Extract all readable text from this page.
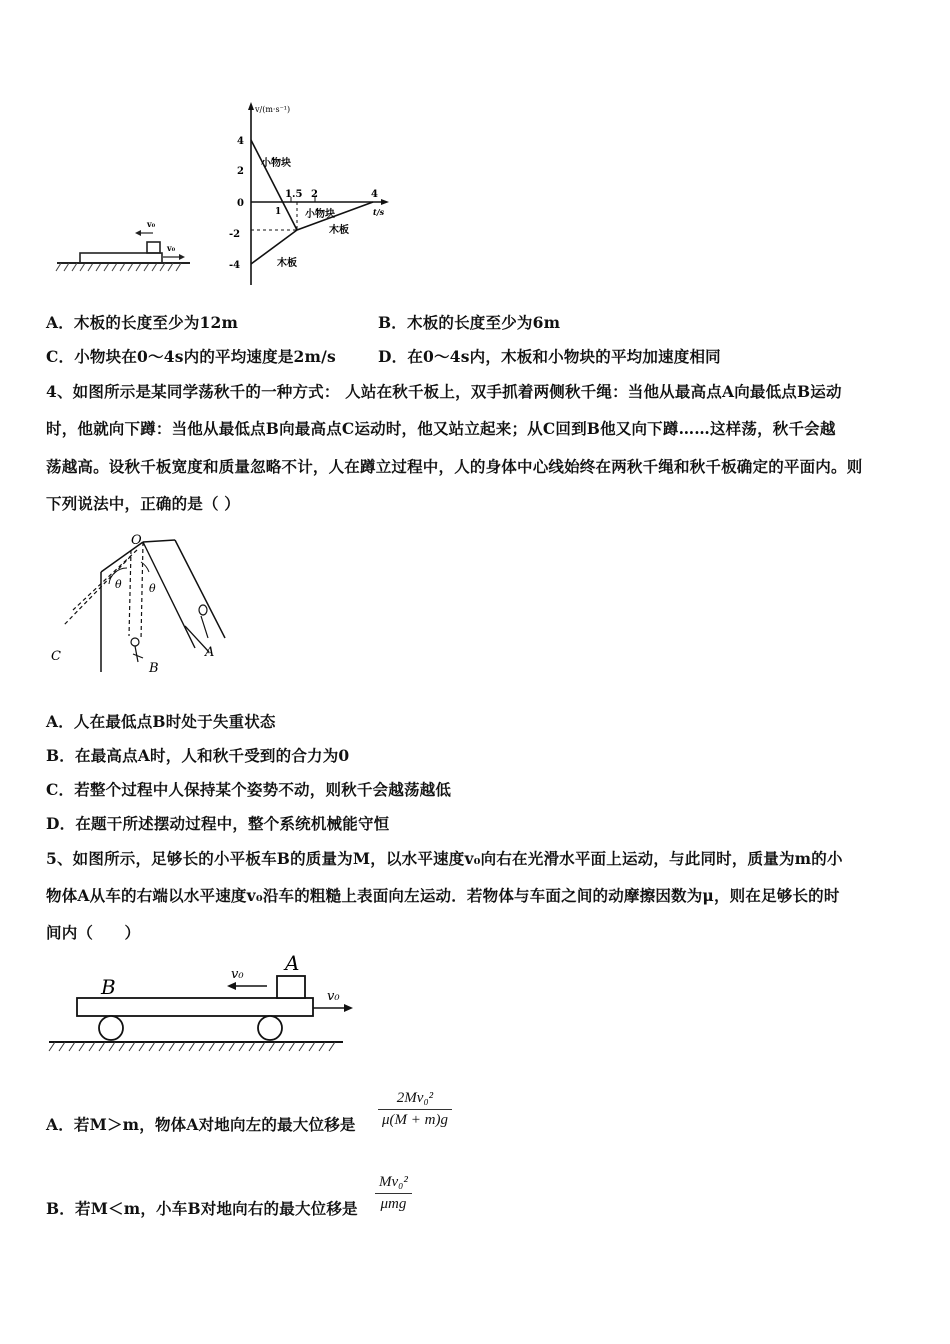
v₀
v₀
v/(m·s⁻¹)
t/s
4
2
0
-2
-4
1.5 2	4
1
小物块
小物块
木板
木板
A．木板的长度至少为12m	B．木板的长度至少为6m
C．小物块在0～4s内的平均速度是2m/s	D．在0～4s内，木板和小物块的平均加速度相同
4、如图所示是某同学荡秋千的一种方式： 人站在秋千板上，双手抓着两侧秋千绳：当他从最高点A向最低点B运动
时，他就向下蹲：当他从最低点B向最高点C运动时，他又站立起来；从C回到B他又向下蹲……这样荡，秋千会越
荡越高。设秋千板宽度和质量忽略不计，人在蹲立过程中，人的身体中心线始终在两秋千绳和秋千板确定的平面内。则
下列说法中，正确的是（ ）
O
A
B
C
θ θ
A．人在最低点B时处于失重状态
B．在最高点A时，人和秋千受到的合力为0
C．若整个过程中人保持某个姿势不动，则秋千会越荡越低
D．在题干所述摆动过程中，整个系统机械能守恒
5、如图所示，足够长的小平板车B的质量为M，以水平速度v₀向右在光滑水平面上运动，与此同时，质量为m的小
物体A从车的右端以水平速度v₀沿车的粗糙上表面向左运动．若物体与车面之间的动摩擦因数为μ，则在足够长的时
间内（　　）
B
A
v₀
v₀
A．若M＞m，物体A对地向左的最大位移是
2Mv₀²
μ(M + m)g
B．若M＜m，小车B对地向右的最大位移是
Mv₀²
μmg
